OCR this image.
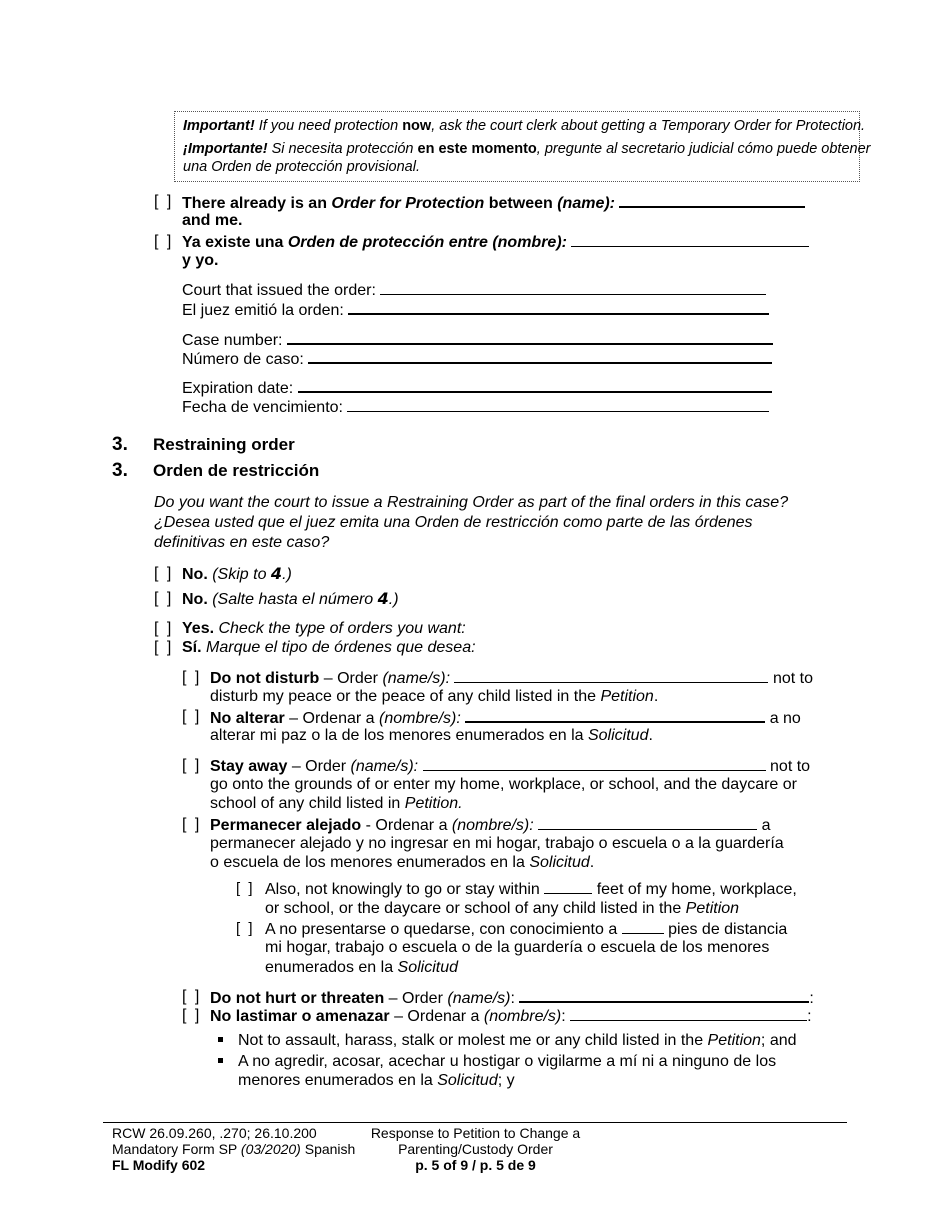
Important! If you need protection now, ask the court clerk about getting a Temporary Order for Protection.
¡Importante! Si necesita protección en este momento, pregunte al secretario judicial cómo puede obtener
una Orden de protección provisional.
[ ] There already is an Order for Protection between (name):
and me.
[ ] Ya existe una Orden de protección entre (nombre):
y yo.
Court that issued the order:
El juez emitió la orden:
Case number:
Número de caso:
Expiration date:
Fecha de vencimiento:
3. Restraining order
3. Orden de restricción
Do you want the court to issue a Restraining Order as part of the final orders in this case?
¿Desea usted que el juez emita una Orden de restricción como parte de las órdenes
definitivas en este caso?
[ ] No. (Skip to 4.)
[ ] No. (Salte hasta el número 4.)
[ ] Yes. Check the type of orders you want:
[ ] Sí. Marque el tipo de órdenes que desea:
[ ] Do not disturb – Order (name/s):	not to
disturb my peace or the peace of any child listed in the Petition.
[ ] No alterar – Ordenar a (nombre/s):	a no
alterar mi paz o la de los menores enumerados en la Solicitud.
[ ] Stay away – Order (name/s):	not to
go onto the grounds of or enter my home, workplace, or school, and the daycare or
school of any child listed in Petition.
[ ] Permanecer alejado - Ordenar a (nombre/s):	a
permanecer alejado y no ingresar en mi hogar, trabajo o escuela o a la guardería
o escuela de los menores enumerados en la Solicitud.
[ ] Also, not knowingly to go or stay within	feet of my home, workplace,
or school, or the daycare or school of any child listed in the Petition
[ ] A no presentarse o quedarse, con conocimiento a	pies de distancia
mi hogar, trabajo o escuela o de la guardería o escuela de los menores
enumerados en la Solicitud
[ ] Do not hurt or threaten – Order (name/s):	:
[ ] No lastimar o amenazar – Ordenar a (nombre/s):	:
Not to assault, harass, stalk or molest me or any child listed in the Petition; and
A no agredir, acosar, acechar u hostigar o vigilarme a mí ni a ninguno de los
menores enumerados en la Solicitud; y
RCW 26.09.260, .270; 26.10.200
Mandatory Form SP (03/2020) Spanish
FL Modify 602
Response to Petition to Change a
Parenting/Custody Order
p. 5 of 9 / p. 5 de 9
